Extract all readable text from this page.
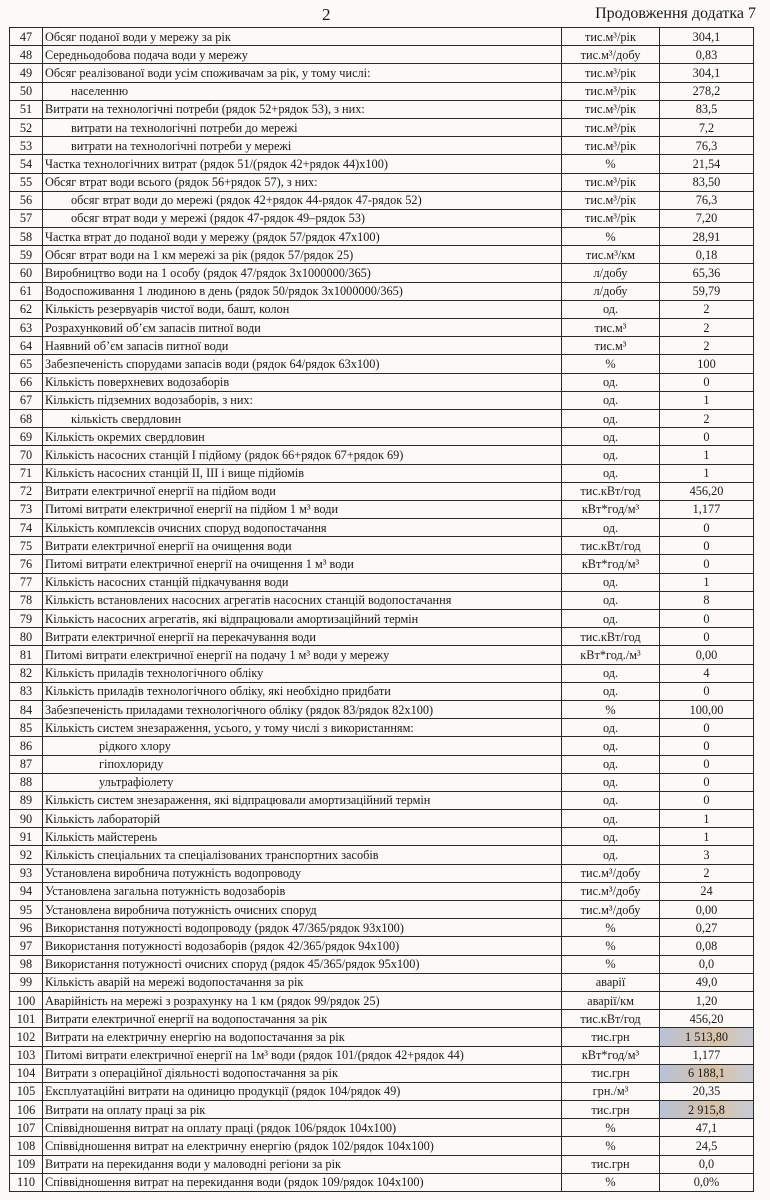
2	Продовження додатка 7
47	Обсяг поданої води у мережу за рік	тис.м³/рік	304,1
48	Середньодобова подача води у мережу	тис.м³/добу	0,83
49	Обсяг реалізованої води усім споживачам за рік, у тому числі:	тис.м³/рік	304,1
50	населенню	тис.м³/рік	278,2
51	Витрати на технологічні потреби (рядок 52+рядок 53), з них:	тис.м³/рік	83,5
52	витрати на технологічні потреби до мережі	тис.м³/рік	7,2
53	витрати на технологічні потреби у мережі	тис.м³/рік	76,3
54	Частка технологічних витрат (рядок 51/(рядок 42+рядок 44)х100)	%	21,54
55	Обсяг втрат води всього (рядок 56+рядок 57), з них:	тис.м³/рік	83,50
56	обсяг втрат води до мережі (рядок 42+рядок 44-рядок 47-рядок 52)	тис.м³/рік	76,3
57	обсяг втрат води у мережі (рядок 47-рядок 49–рядок 53)	тис.м³/рік	7,20
58	Частка втрат до поданої води у мережу (рядок 57/рядок 47х100)	%	28,91
59	Обсяг втрат води на 1 км мережі за рік (рядок 57/рядок 25)	тис.м³/км	0,18
60	Виробництво води на 1 особу (рядок 47/рядок 3х1000000/365)	л/добу	65,36
61	Водоспоживання 1 людиною в день (рядок 50/рядок 3х1000000/365)	л/добу	59,79
62	Кількість резервуарів чистої води, башт, колон	од.	2
63	Розрахунковий об’єм запасів питної води	тис.м³	2
64	Наявний об’єм запасів питної води	тис.м³	2
65	Забезпеченість спорудами запасів води (рядок 64/рядок 63х100)	%	100
66	Кількість поверхневих водозаборів	од.	0
67	Кількість підземних водозаборів, з них:	од.	1
68	кількість свердловин	од.	2
69	Кількість окремих свердловин	од.	0
70	Кількість насосних станцій I підйому (рядок 66+рядок 67+рядок 69)	од.	1
71	Кількість насосних станцій II, III і вище підйомів	од.	1
72	Витрати електричної енергії на підйом води	тис.кВт/год	456,20
73	Питомі витрати електричної енергії на підйом 1 м³ води	кВт*год/м³	1,177
74	Кількість комплексів очисних споруд водопостачання	од.	0
75	Витрати електричної енергії на очищення води	тис.кВт/год	0
76	Питомі витрати електричної енергії на очищення 1 м³ води	кВт*год/м³	0
77	Кількість насосних станцій підкачування води	од.	1
78	Кількість встановлених насосних агрегатів насосних станцій водопостачання	од.	8
79	Кількість насосних агрегатів, які відпрацювали амортизаційний термін	од.	0
80	Витрати електричної енергії на перекачування води	тис.кВт/год	0
81	Питомі витрати електричної енергії на подачу 1 м³ води у мережу	кВт*год./м³	0,00
82	Кількість приладів технологічного обліку	од.	4
83	Кількість приладів технологічного обліку, які необхідно придбати	од.	0
84	Забезпеченість приладами технологічного обліку (рядок 83/рядок 82х100)	%	100,00
85	Кількість систем знезараження, усього, у тому числі з використанням:	од.	0
86	рідкого хлору	од.	0
87	гіпохлориду	од.	0
88	ультрафіолету	од.	0
89	Кількість систем знезараження, які відпрацювали амортизаційний термін	од.	0
90	Кількість лабораторій	од.	1
91	Кількість майстерень	од.	1
92	Кількість спеціальних та спеціалізованих транспортних засобів	од.	3
93	Установлена виробнича потужність водопроводу	тис.м³/добу	2
94	Установлена загальна потужність водозаборів	тис.м³/добу	24
95	Установлена виробнича потужність очисних споруд	тис.м³/добу	0,00
96	Використання потужності водопроводу (рядок 47/365/рядок 93х100)	%	0,27
97	Використання потужності водозаборів (рядок 42/365/рядок 94х100)	%	0,08
98	Використання потужності очисних споруд (рядок 45/365/рядок 95х100)	%	0,0
99	Кількість аварій на мережі водопостачання за рік	аварії	49,0
100	Аварійність на мережі з розрахунку на 1 км (рядок 99/рядок 25)	аварії/км	1,20
101	Витрати електричної енергії на водопостачання за рік	тис.кВт/год	456,20
102	Витрати на електричну енергію на водопостачання за рік	тис.грн	1 513,80
103	Питомі витрати електричної енергії на 1м³ води (рядок 101/(рядок 42+рядок 44)	кВт*год/м³	1,177
104	Витрати з операційної діяльності водопостачання за рік	тис.грн	6 188,1
105	Експлуатаційні витрати на одиницю продукції (рядок 104/рядок 49)	грн./м³	20,35
106	Витрати на оплату праці за рік	тис.грн	2 915,8
107	Співвідношення витрат на оплату праці (рядок 106/рядок 104х100)	%	47,1
108	Співвідношення витрат на електричну енергію (рядок 102/рядок 104х100)	%	24,5
109	Витрати на перекидання води у маловодні регіони за рік	тис.грн	0,0
110	Співвідношення витрат на перекидання води (рядок 109/рядок 104х100)	%	0,0%
